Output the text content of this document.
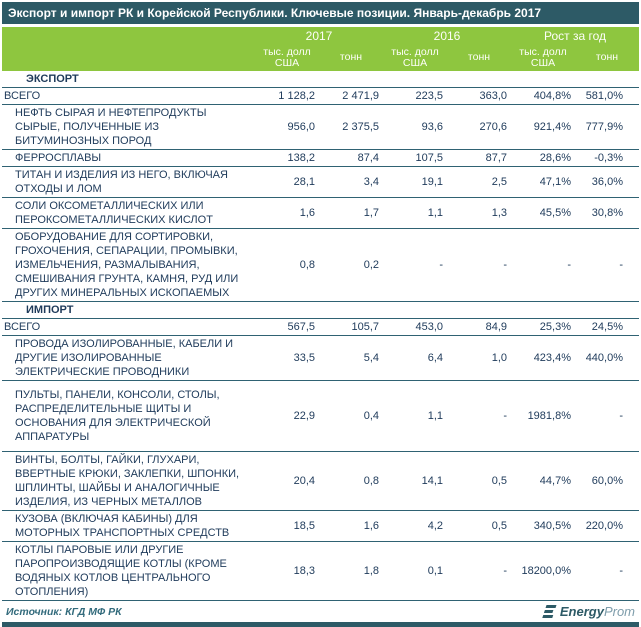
Экспорт и импорт РК и Корейской Республики. Ключевые позиции. Январь-декабрь 2017
2017	2016	Рост за год
тыс. долл США	тонн	тыс. долл США	тонн	тыс. долл США	тонн
ЭКСПОРТ
ВСЕГО	1 128,2	2 471,9	223,5	363,0	404,8%	581,0%
НЕФТЬ СЫРАЯ И НЕФТЕПРОДУКТЫ СЫРЫЕ, ПОЛУЧЕННЫЕ ИЗ БИТУМИНОЗНЫХ ПОРОД
956,0	2 375,5	93,6	270,6	921,4%	777,9%
ФЕРРОСПЛАВЫ	138,2	87,4	107,5	87,7	28,6%	-0,3%
ТИТАН И ИЗДЕЛИЯ ИЗ НЕГО, ВКЛЮЧАЯ ОТХОДЫ И ЛОМ
28,1	3,4	19,1	2,5	47,1%	36,0%
СОЛИ ОКСОМЕТАЛЛИЧЕСКИХ ИЛИ ПЕРОКСОМЕТАЛЛИЧЕСКИХ КИСЛОТ
1,6	1,7	1,1	1,3	45,5%	30,8%
ОБОРУДОВАНИЕ ДЛЯ СОРТИРОВКИ, ГРОХОЧЕНИЯ, СЕПАРАЦИИ, ПРОМЫВКИ, ИЗМЕЛЬЧЕНИЯ, РАЗМАЛЫВАНИЯ, СМЕШИВАНИЯ ГРУНТА, КАМНЯ, РУД ИЛИ ДРУГИХ МИНЕРАЛЬНЫХ ИСКОПАЕМЫХ
0,8	0,2	-	-	-	-
ИМПОРТ
ВСЕГО	567,5	105,7	453,0	84,9	25,3%	24,5%
ПРОВОДА ИЗОЛИРОВАННЫЕ, КАБЕЛИ И ДРУГИЕ ИЗОЛИРОВАННЫЕ ЭЛЕКТРИЧЕСКИЕ ПРОВОДНИКИ
33,5	5,4	6,4	1,0	423,4%	440,0%
ПУЛЬТЫ, ПАНЕЛИ, КОНСОЛИ, СТОЛЫ, РАСПРЕДЕЛИТЕЛЬНЫЕ ЩИТЫ И ОСНОВАНИЯ ДЛЯ ЭЛЕКТРИЧЕСКОЙ АППАРАТУРЫ
22,9	0,4	1,1	-	1981,8%	-
ВИНТЫ, БОЛТЫ, ГАЙКИ, ГЛУХАРИ, ВВЕРТНЫЕ КРЮКИ, ЗАКЛЕПКИ, ШПОНКИ, ШПЛИНТЫ, ШАЙБЫ И АНАЛОГИЧНЫЕ ИЗДЕЛИЯ, ИЗ ЧЕРНЫХ МЕТАЛЛОВ
20,4	0,8	14,1	0,5	44,7%	60,0%
КУЗОВА (ВКЛЮЧАЯ КАБИНЫ) ДЛЯ МОТОРНЫХ ТРАНСПОРТНЫХ СРЕДСТВ
18,5	1,6	4,2	0,5	340,5%	220,0%
КОТЛЫ ПАРОВЫЕ ИЛИ ДРУГИЕ ПАРОПРОИЗВОДЯЩИЕ КОТЛЫ (КРОМЕ ВОДЯНЫХ КОТЛОВ ЦЕНТРАЛЬНОГО ОТОПЛЕНИЯ)
18,3	1,8	0,1	-	18200,0%	-
Источник: КГД МФ РК	EnergyProm
